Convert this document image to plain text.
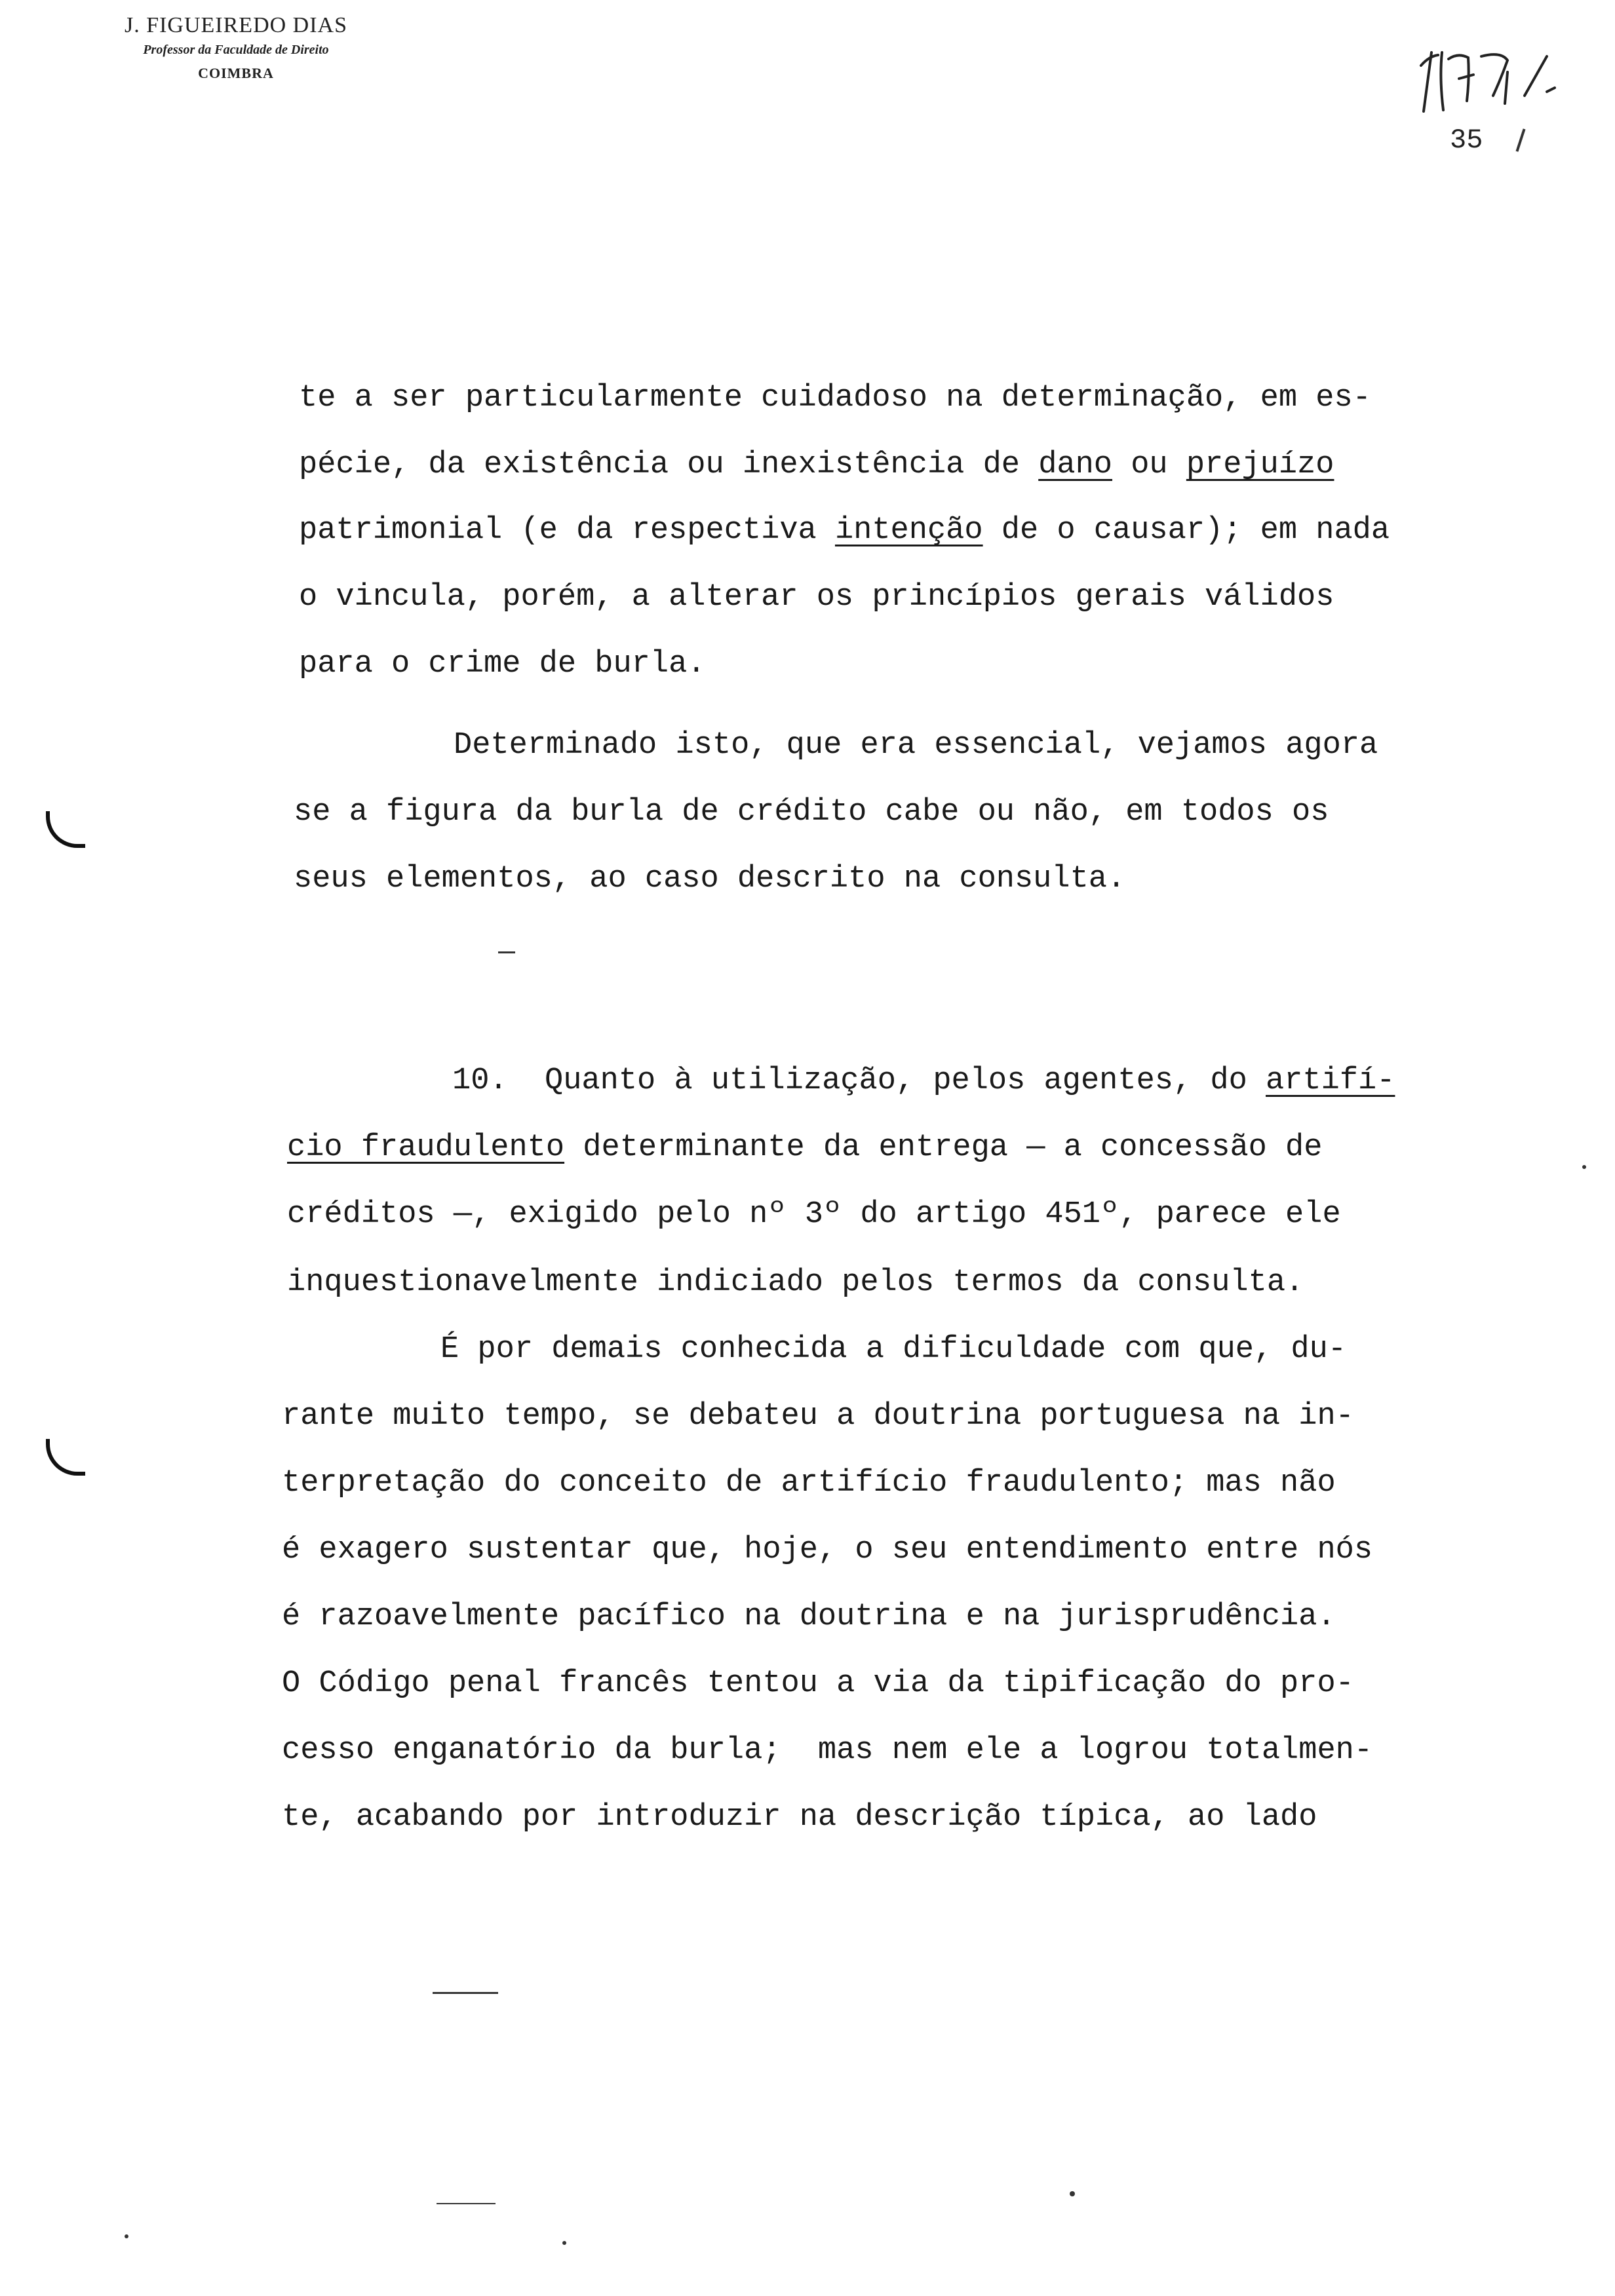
J. FIGUEIREDO DIAS
Professor da Faculdade de Direito
COIMBRA
35
te a ser particularmente cuidadoso na determinação, em es-
pécie, da existência ou inexistência de dano ou prejuízo
patrimonial (e da respectiva intenção de o causar); em nada
o vincula, porém, a alterar os princípios gerais válidos
para o crime de burla.
Determinado isto, que era essencial, vejamos agora
se a figura da burla de crédito cabe ou não, em todos os
seus elementos, ao caso descrito na consulta.
10.  Quanto à utilização, pelos agentes, do artifí-
cio fraudulento determinante da entrega — a concessão de
créditos —, exigido pelo nº 3º do artigo 451º, parece ele
inquestionavelmente indiciado pelos termos da consulta.
É por demais conhecida a dificuldade com que, du-
rante muito tempo, se debateu a doutrina portuguesa na in-
terpretação do conceito de artifício fraudulento; mas não
é exagero sustentar que, hoje, o seu entendimento entre nós
é razoavelmente pacífico na doutrina e na jurisprudência.
O Código penal francês tentou a via da tipificação do pro-
cesso enganatório da burla;  mas nem ele a logrou totalmen-
te, acabando por introduzir na descrição típica, ao lado
